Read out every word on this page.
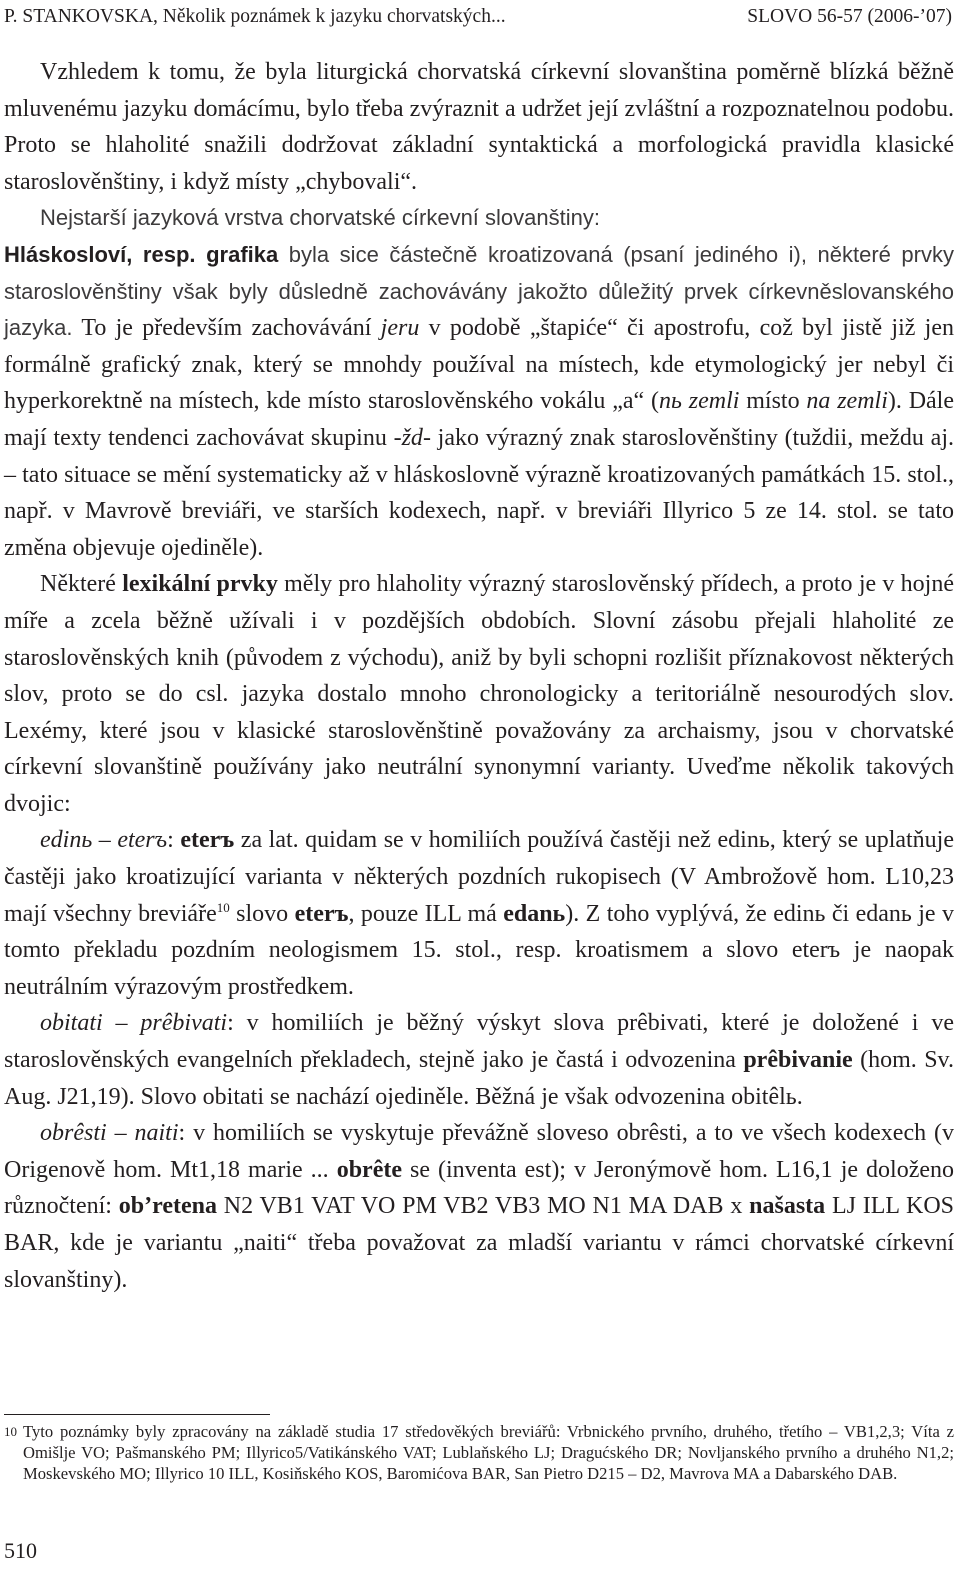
P. STANKOVSKA, Několik poznámek k jazyku chorvatských...	SLOVO 56-57 (2006-’07)

Vzhledem k tomu, že byla liturgická chorvatská církevní slovanština poměrně blízká běžně mluvenému jazyku domácímu, bylo třeba zvýraznit a udržet její zvláštní a rozpoznatelnou podobu. Proto se hlaholité snažili dodržovat základní syntaktická a morfologická pravidla klasické staroslověnštiny, i když místy „chybovali“.

Nejstarší jazyková vrstva chorvatské církevní slovanštiny:

Hláskosloví, resp. grafika byla sice částečně kroatizovaná (psaní jediného i), některé prvky staroslověnštiny však byly důsledně zachovávány jakožto důležitý prvek církevněslovanského jazyka. To je především zachovávání jeru v podobě „štapiće“ či apostrofu, což byl jistě již jen formálně grafický znak, který se mnohdy používal na místech, kde etymologický jer nebyl či hyperkorektně na místech, kde místo staroslověnského vokálu „a“ (nь zemli místo na zemli). Dále mají texty tendenci zachovávat skupinu -žd- jako výrazný znak staroslověnštiny (tuždii, meždu aj. – tato situace se mění systematicky až v hláskoslovně výrazně kroatizovaných památkách 15. stol., např. v Mavrově breviáři, ve starších kodexech, např. v breviáři Illyrico 5 ze 14. stol. se tato změna objevuje ojediněle).

Některé lexikální prvky měly pro hlaholity výrazný staroslověnský přídech, a proto je v hojné míře a zcela běžně užívali i v pozdějších obdobích. Slovní zásobu přejali hlaholité ze staroslověnských knih (původem z východu), aniž by byli schopni rozlišit příznakovost některých slov, proto se do csl. jazyka dostalo mnoho chronologicky a teritoriálně nesourodých slov. Lexémy, které jsou v klasické staroslověnštině považovány za archaismy, jsou v chorvatské církevní slovanštině používány jako neutrální synonymní varianty. Uveďme několik takových dvojic:

edinь – eterъ: eterъ za lat. quidam se v homiliích používá častěji než edinь, který se uplatňuje častěji jako kroatizující varianta v některých pozdních rukopisech (V Ambrožově hom. L10,23 mají všechny breviáře$^{10}$ slovo eterъ, pouze ILL má edanь). Z toho vyplývá, že edinь či edanь je v tomto překladu pozdním neologismem 15. stol., resp. kroatismem a slovo eterъ je naopak neutrálním výrazovým prostředkem.

obitati – prêbivati: v homiliích je běžný výskyt slova prêbivati, které je doložené i ve staroslověnských evangelních překladech, stejně jako je častá i odvozenina prêbivanie (hom. Sv. Aug. J21,19). Slovo obitati se nachází ojediněle. Běžná je však odvozenina obitêlь.

obrêsti – naiti: v homiliích se vyskytuje převážně sloveso obrêsti, a to ve všech kodexech (v Origenově hom. Mt1,18 marie ... obrête se (inventa est); v Jeronýmově hom. L16,1 je doloženo různočtení: ob’retena N2 VB1 VAT VO PM VB2 VB3 MO N1 MA DAB x našasta LJ ILL KOS BAR, kde je variantu „naiti“ třeba považovat za mladší variantu v rámci chorvatské církevní slovanštiny).

10 Tyto poznámky byly zpracovány na základě studia 17 středověkých breviářů: Vrbnického prvního, druhého, třetího – VB1,2,3; Víta z Omišlje VO; Pašmanského PM; Illyrico5/Vatikánského VAT; Lublaňského LJ; Dragućského DR; Novljanského prvního a druhého N1,2; Moskevského MO; Illyrico 10 ILL, Kosiňského KOS, Baromićova BAR, San Pietro D215 – D2, Mavrova MA a Dabarského DAB.
510
